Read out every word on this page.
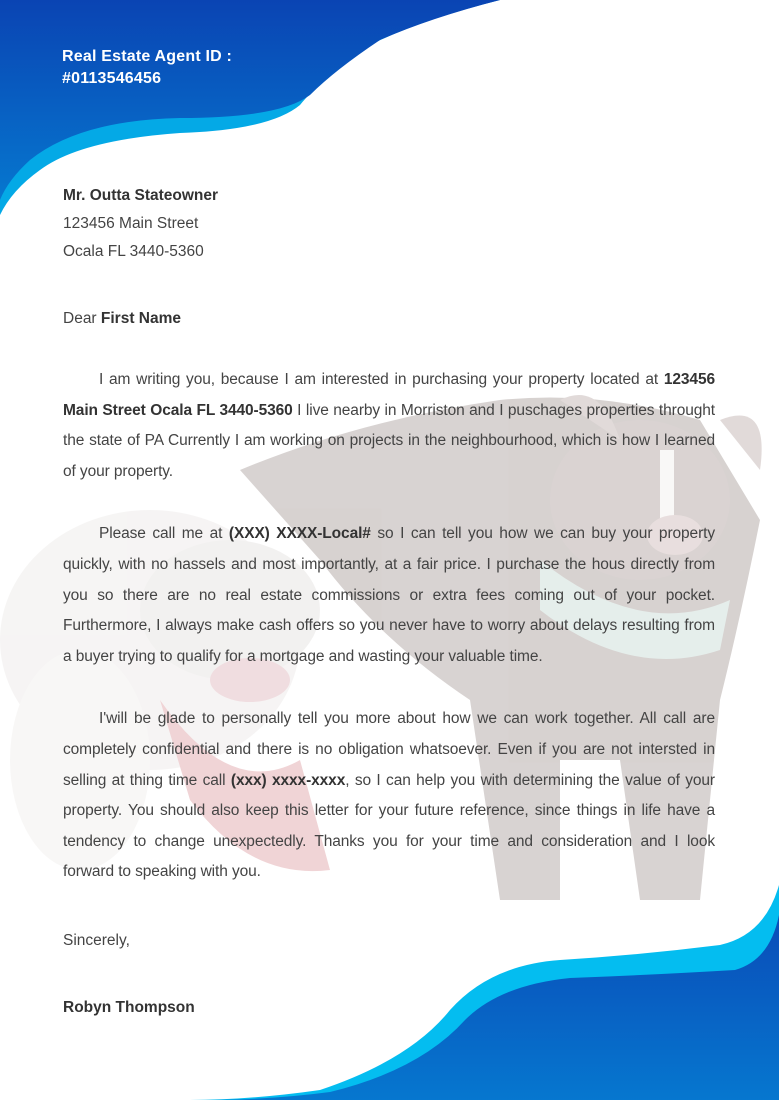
Real Estate Agent ID :
#0113546456
Mr. Outta Stateowner
123456 Main Street
Ocala FL 3440-5360
Dear First Name
I am writing you, because I am interested in purchasing your property located at 123456 Main Street Ocala FL 3440-5360 I live nearby in Morriston and I puschages properties throught the state of PA Currently I am working on projects in the neighbourhood, which is how I learned of your property.
Please call me at (XXX) XXXX-Local# so I can tell you how we can buy your property quickly, with no hassels and most importantly, at a fair price. I purchase the hous directly from you so there are no real estate commissions or extra fees coming out of your pocket. Furthermore, I always make cash offers so you never have to worry about delays resulting from a buyer trying to qualify for a mortgage and wasting your valuable time.
I'will be glade to personally tell you more about how we can work together. All call are completely confidential and there is no obligation whatsoever. Even if you are not intersted in selling at thing time call (xxx) xxxx-xxxx, so I can help you with determining the value of your property. You should also keep this letter for your future reference, since things in life have a tendency to change unexpectedly. Thanks you for your time and consideration and I look forward to speaking with you.
Sincerely,
Robyn Thompson
